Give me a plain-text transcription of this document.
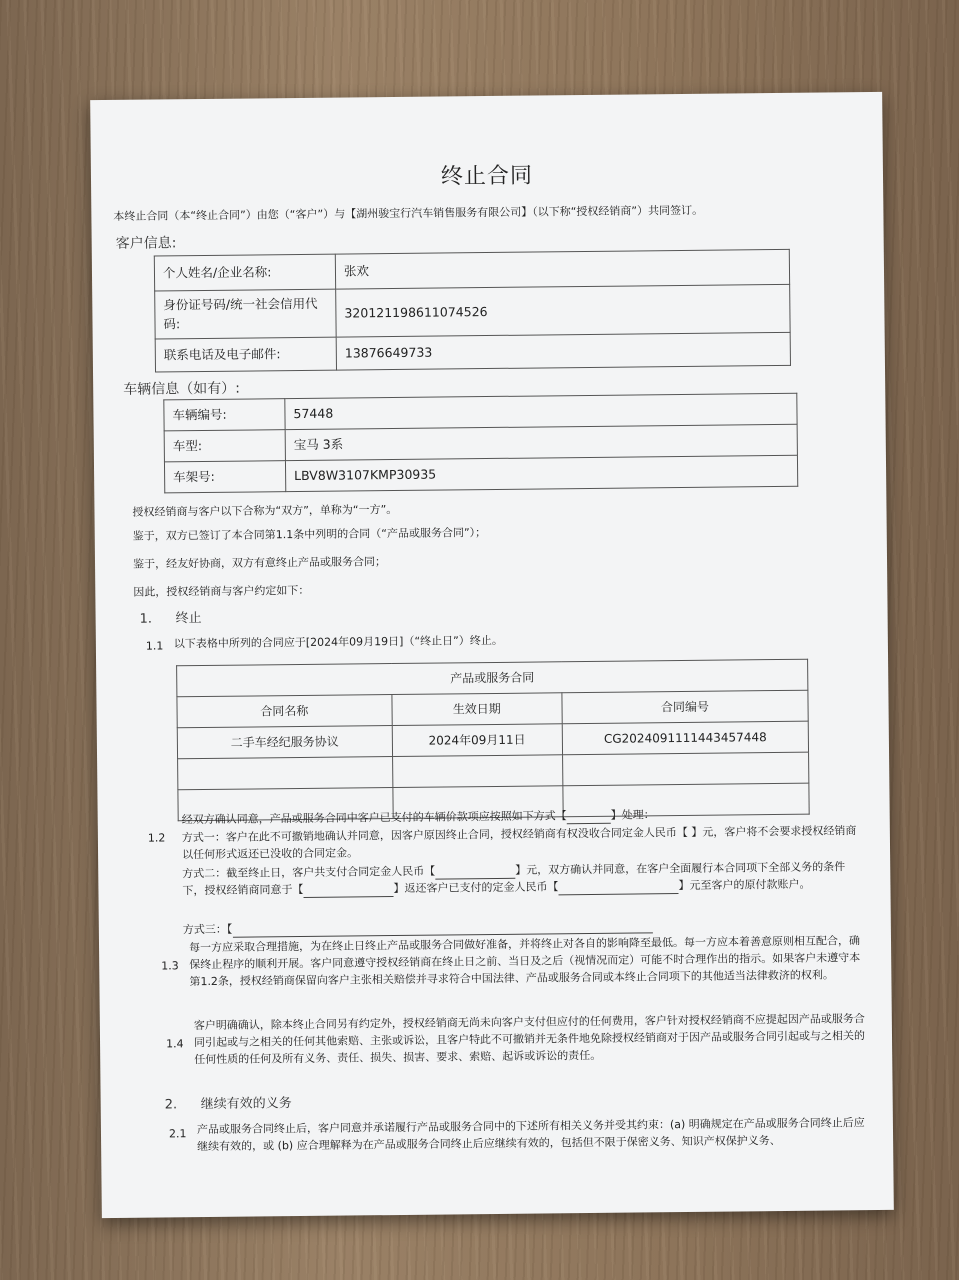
终止合同
本终止合同（本“终止合同”）由您（“客户”）与【湖州骏宝行汽车销售服务有限公司】（以下称“授权经销商”）共同签订。
客户信息:
个人姓名/企业名称:	张欢
身份证号码/统一社会信用代码:	320121198611074526
联系电话及电子邮件:	13876649733
车辆信息（如有）:
车辆编号:	57448
车型:	宝马 3系
车架号:	LBV8W3107KMP30935
授权经销商与客户以下合称为“双方”，单称为“一方”。
鉴于，双方已签订了本合同第1.1条中列明的合同（“产品或服务合同”）；
鉴于，经友好协商，双方有意终止产品或服务合同；
因此，授权经销商与客户约定如下：
1. 终止
1.1 以下表格中所列的合同应于[2024年09月19日]（“终止日”）终止。
产品或服务合同		
合同名称	生效日期	合同编号
二手车经纪服务协议	2024年09月11日	CG2024091111443457448

1.2
经双方确认同意，产品或服务合同中客户已支付的车辆价款项应按照如下方式【	】处理：
方式一：客户在此不可撤销地确认并同意，因客户原因终止合同，授权经销商有权没收合同定金人民币【 】元，客户将不会要求授权经销商以任何形式返还已没收的合同定金。
方式二：截至终止日，客户共支付合同定金人民币【	】元，双方确认并同意，在客户全面履行本合同项下全部义务的条件下，授权经销商同意于【	】返还客户已支付的定金人民币【	】元至客户的原付款账户。
方式三：【
1.3
每一方应采取合理措施，为在终止日终止产品或服务合同做好准备，并将终止对各自的影响降至最低。每一方应本着善意原则相互配合，确保终止程序的顺利开展。客户同意遵守授权经销商在终止日之前、当日及之后（视情况而定）可能不时合理作出的指示。如果客户未遵守本第1.2条，授权经销商保留向客户主张相关赔偿并寻求符合中国法律、产品或服务合同或本终止合同项下的其他适当法律救济的权利。
1.4
客户明确确认，除本终止合同另有约定外，授权经销商无尚未向客户支付但应付的任何费用，客户针对授权经销商不应提起因产品或服务合同引起或与之相关的任何其他索赔、主张或诉讼，且客户特此不可撤销并无条件地免除授权经销商对于因产品或服务合同引起或与之相关的任何性质的任何及所有义务、责任、损失、损害、要求、索赔、起诉或诉讼的责任。
2. 继续有效的义务
2.1 产品或服务合同终止后，客户同意并承诺履行产品或服务合同中的下述所有相关义务并受其约束：(a) 明确规定在产品或服务合同终止后应继续有效的，或 (b) 应合理解释为在产品或服务合同终止后应继续有效的，包括但不限于保密义务、知识产权保护义务、
